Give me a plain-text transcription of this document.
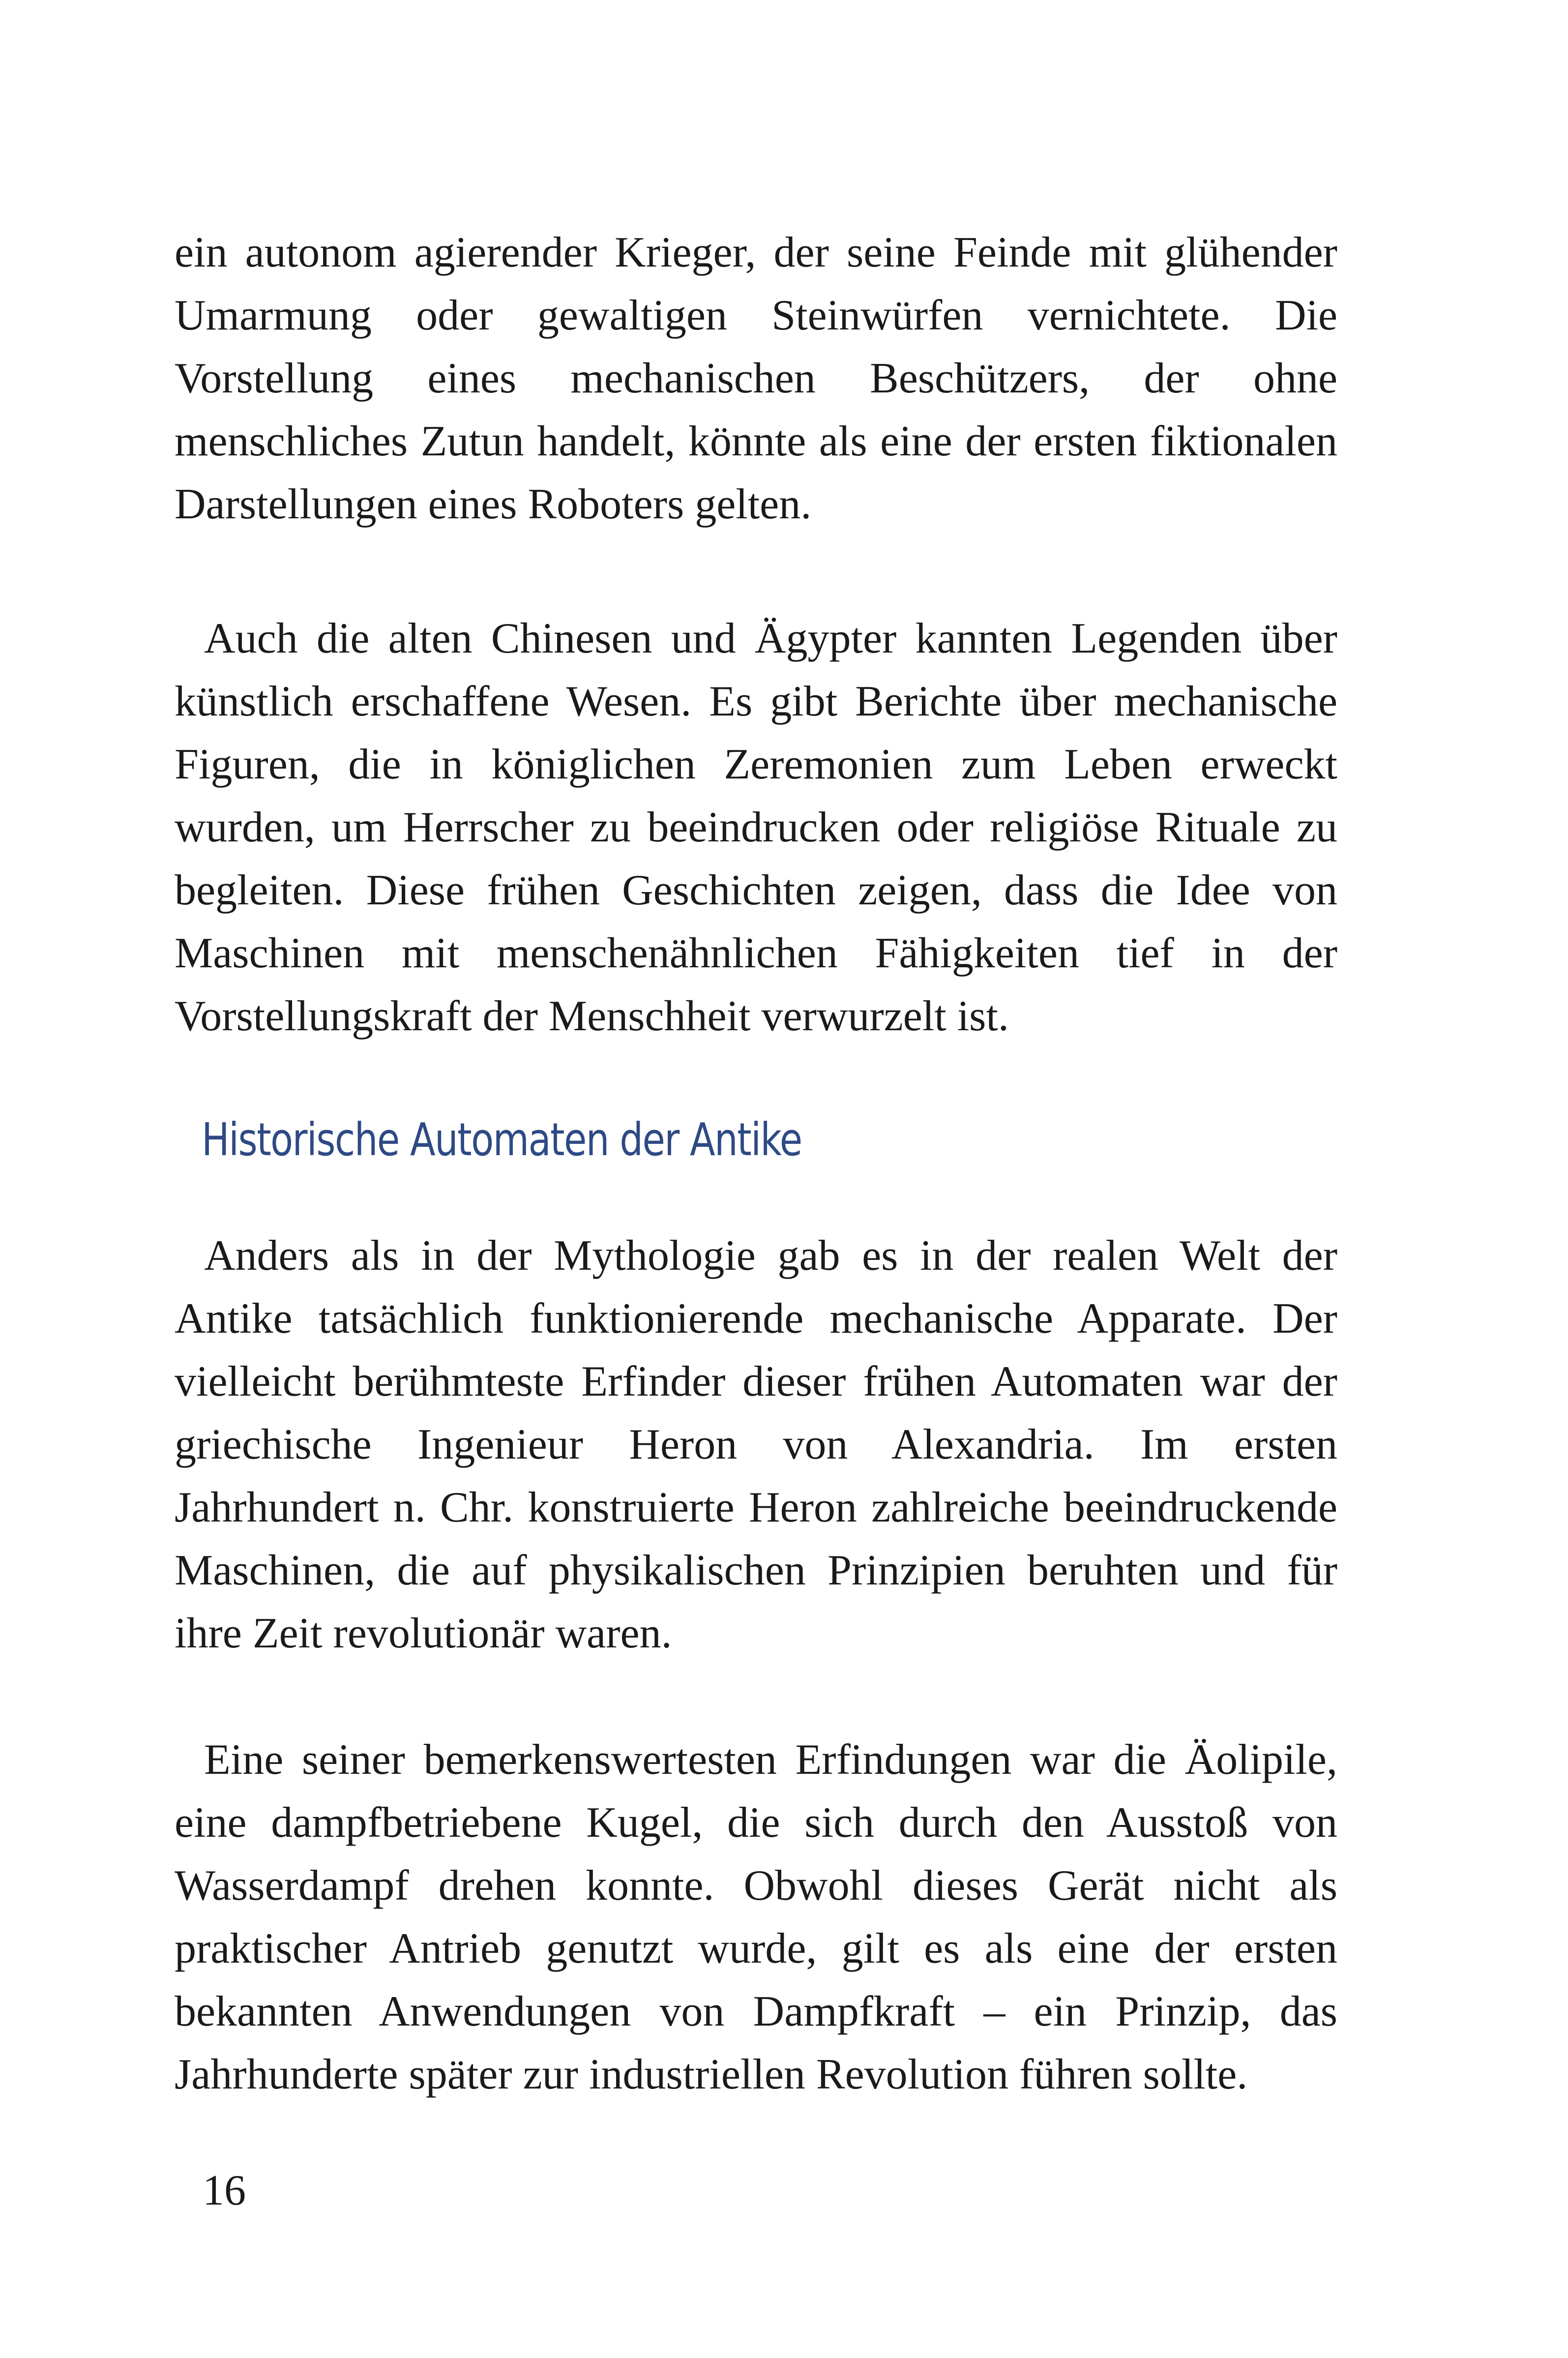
ein autonom agierender Krieger, der seine Feinde mit glühender Umarmung oder gewaltigen Steinwürfen vernichtete. Die Vorstellung eines mechanischen Beschützers, der ohne menschliches Zutun handelt, könnte als eine der ersten fiktionalen Darstellungen eines Roboters gelten.

Auch die alten Chinesen und Ägypter kannten Legenden über künstlich erschaffene Wesen. Es gibt Berichte über mechanische Figuren, die in königlichen Zeremonien zum Leben erweckt wurden, um Herrscher zu beeindrucken oder religiöse Rituale zu begleiten. Diese frühen Geschichten zeigen, dass die Idee von Maschinen mit menschenähnlichen Fähigkeiten tief in der Vorstellungskraft der Menschheit verwurzelt ist.

Historische Automaten der Antike

Anders als in der Mythologie gab es in der realen Welt der Antike tatsächlich funktionierende mechanische Apparate. Der vielleicht berühmteste Erfinder dieser frühen Automaten war der griechische Ingenieur Heron von Alexandria. Im ersten Jahrhundert n. Chr. konstruierte Heron zahlreiche beeindruckende Maschinen, die auf physikalischen Prinzipien beruhten und für ihre Zeit revolutionär waren.

Eine seiner bemerkenswertesten Erfindungen war die Äolipile, eine dampfbetriebene Kugel, die sich durch den Ausstoß von Wasserdampf drehen konnte. Obwohl dieses Gerät nicht als praktischer Antrieb genutzt wurde, gilt es als eine der ersten bekannten Anwendungen von Dampfkraft – ein Prinzip, das Jahrhunderte später zur industriellen Revolution führen sollte.

16
